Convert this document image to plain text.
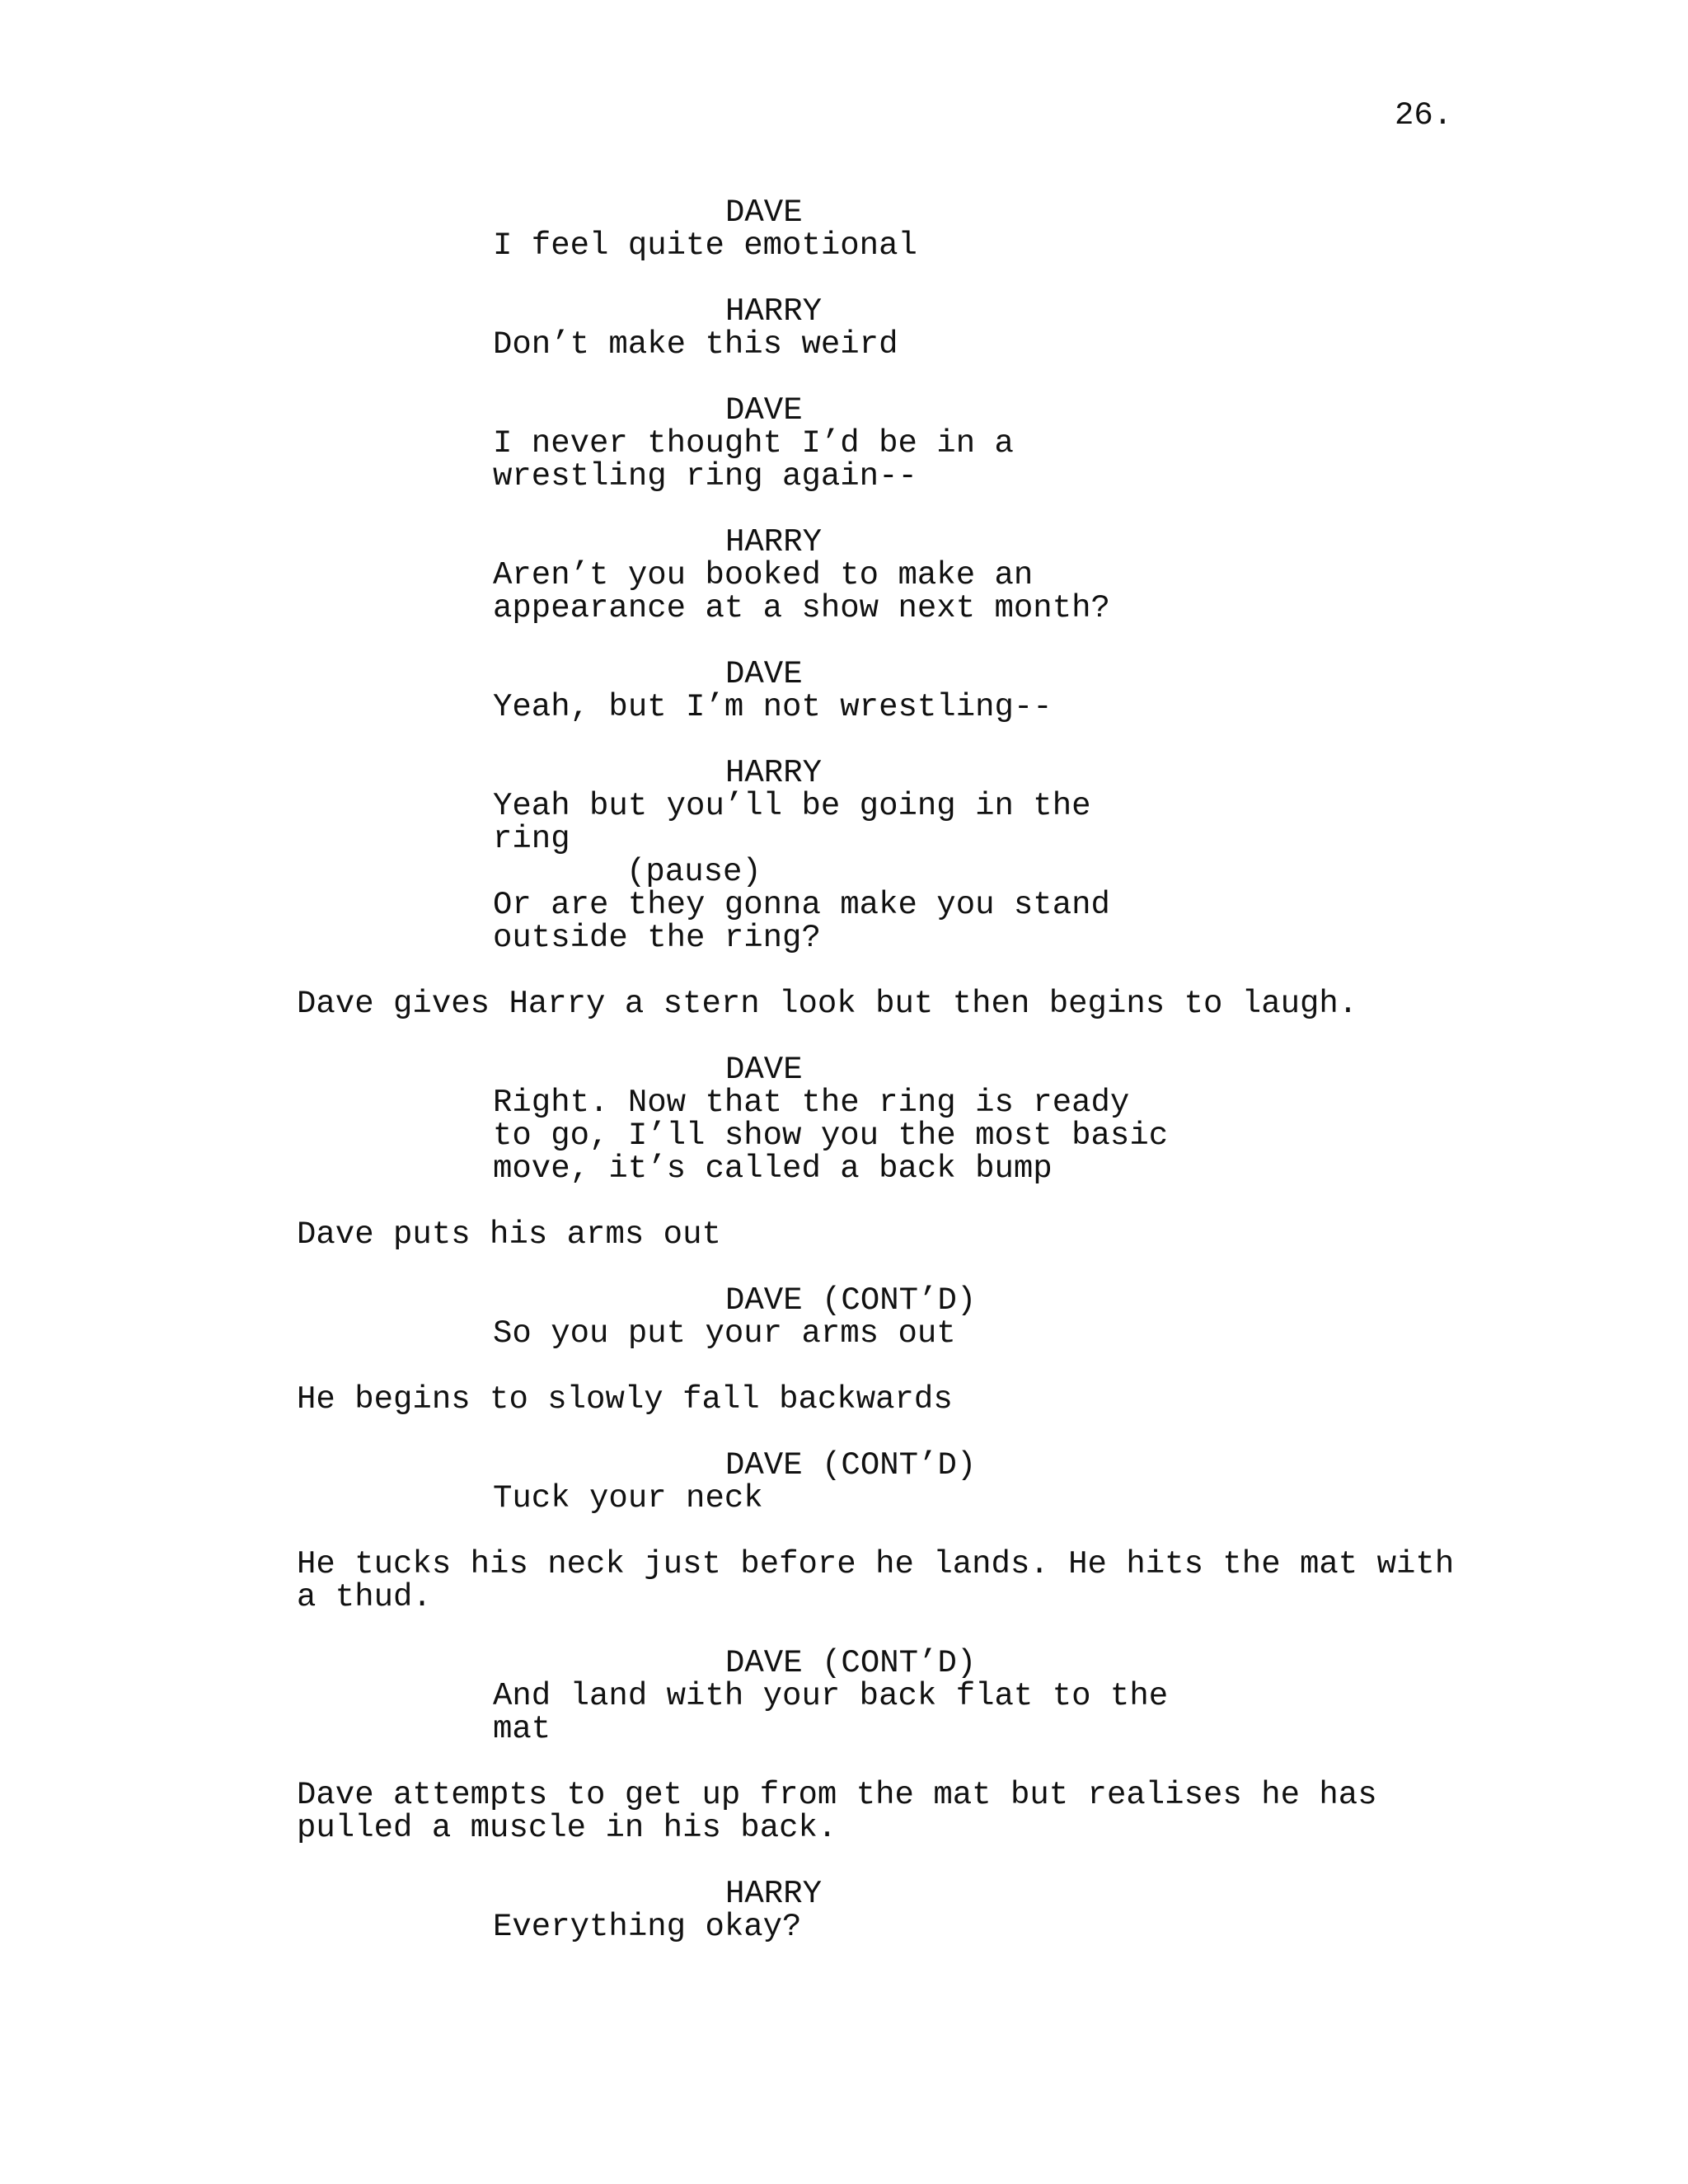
26.
DAVE
I feel quite emotional
HARRY
Don’t make this weird
DAVE
I never thought I’d be in a
wrestling ring again--
HARRY
Aren’t you booked to make an
appearance at a show next month?
DAVE
Yeah, but I’m not wrestling--
HARRY
Yeah but you’ll be going in the
ring
(pause)
Or are they gonna make you stand
outside the ring?
Dave gives Harry a stern look but then begins to laugh.
DAVE
Right. Now that the ring is ready
to go, I’ll show you the most basic
move, it’s called a back bump
Dave puts his arms out
DAVE (CONT’D)
So you put your arms out
He begins to slowly fall backwards
DAVE (CONT’D)
Tuck your neck
He tucks his neck just before he lands. He hits the mat with
a thud.
DAVE (CONT’D)
And land with your back flat to the
mat
Dave attempts to get up from the mat but realises he has
pulled a muscle in his back.
HARRY
Everything okay?
